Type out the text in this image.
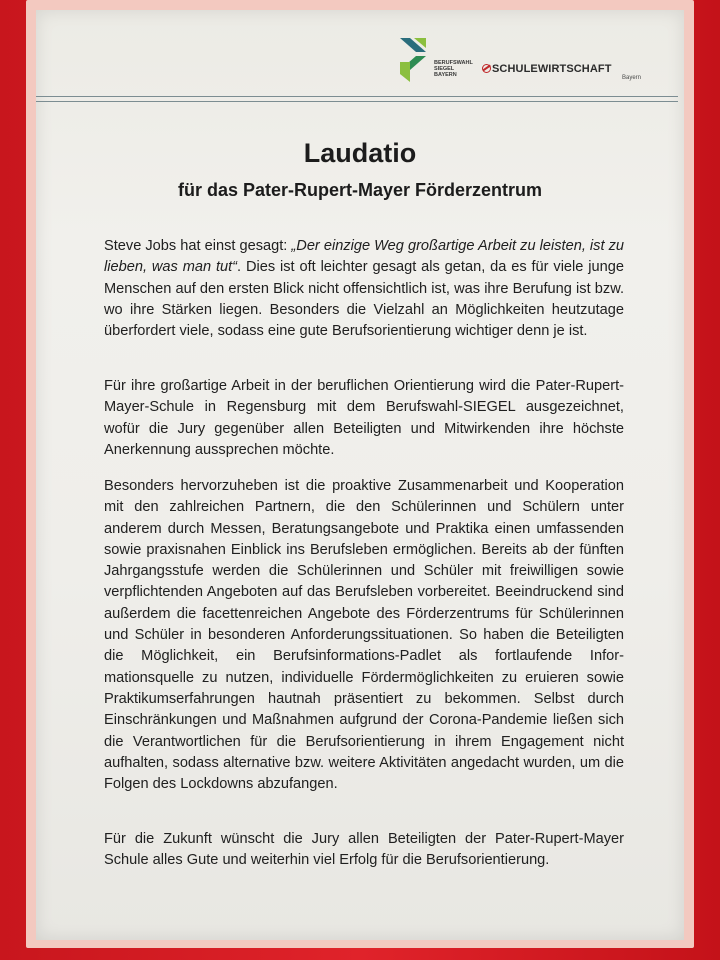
BERUFSWAHL
SIEGEL
BAYERN	SCHULEWIRTSCHAFT
Bayern
Laudatio
für das Pater-Rupert-Mayer Förderzentrum

Steve Jobs hat einst gesagt: „Der einzige Weg großartige Arbeit zu leisten, ist zu lieben, was man tut“. Dies ist oft leichter gesagt als getan, da es für viele junge Menschen auf den ersten Blick nicht offensichtlich ist, was ihre Berufung ist bzw. wo ihre Stärken liegen. Besonders die Vielzahl an Möglichkeiten heutzutage überfordert viele, sodass eine gute Berufsorientierung wichtiger denn je ist.

Für ihre großartige Arbeit in der beruflichen Orientierung wird die Pater-Rupert-Mayer-Schule in Regensburg mit dem Berufswahl-SIEGEL ausgezeichnet, wofür die Jury gegenüber allen Beteiligten und Mitwirkenden ihre höchste Anerkennung aussprechen möchte.

Besonders hervorzuheben ist die proaktive Zusammenarbeit und Kooperation mit den zahlreichen Partnern, die den Schülerinnen und Schülern unter anderem durch Messen, Beratungsangebote und Praktika einen umfassenden sowie praxisnahen Einblick ins Berufsleben ermöglichen. Bereits ab der fünften Jahrgangsstufe werden die Schülerinnen und Schüler mit freiwilligen sowie verpflichtenden Angeboten auf das Berufsleben vorbereitet. Beeindruckend sind außerdem die facettenreichen Angebote des Förderzentrums für Schülerinnen und Schüler in besonderen Anforderungssituationen. So haben die Beteiligten die Möglichkeit, ein Berufsinformations-Padlet als fortlaufende Informationsquelle zu nutzen, individuelle Fördermöglichkeiten zu eruieren sowie Praktikumserfahrungen hautnah präsentiert zu bekommen. Selbst durch Einschränkungen und Maßnahmen aufgrund der Corona-Pandemie ließen sich die Verantwortlichen für die Berufsorientierung in ihrem Engagement nicht aufhalten, sodass alternative bzw. weitere Aktivitäten angedacht wurden, um die Folgen des Lockdowns abzufangen.

Für die Zukunft wünscht die Jury allen Beteiligten der Pater-Rupert-Mayer Schule alles Gute und weiterhin viel Erfolg für die Berufsorientierung.
